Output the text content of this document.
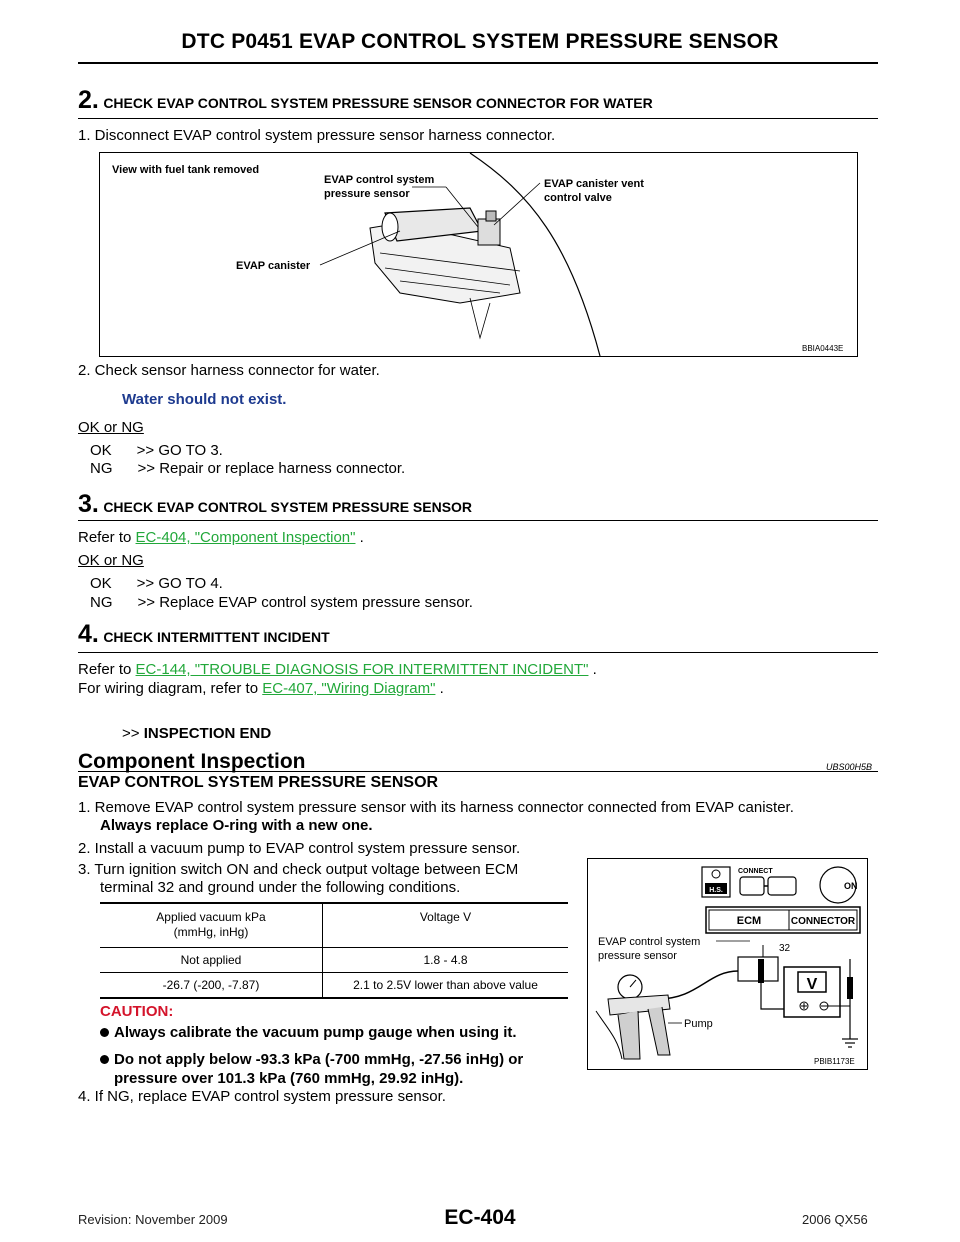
DTC P0451 EVAP CONTROL SYSTEM PRESSURE SENSOR
2. CHECK EVAP CONTROL SYSTEM PRESSURE SENSOR CONNECTOR FOR WATER
1. Disconnect EVAP control system pressure sensor harness connector.
View with fuel tank removed
EVAP control system
pressure sensor
EVAP canister vent
control valve
EVAP canister
BBIA0443E
2. Check sensor harness connector for water.
Water should not exist.
OK or NG
OK      >> GO TO 3.
NG      >> Repair or replace harness connector.
3. CHECK EVAP CONTROL SYSTEM PRESSURE SENSOR
Refer to EC-404, "Component Inspection" .
OK or NG
OK      >> GO TO 4.
NG      >> Replace EVAP control system pressure sensor.
4. CHECK INTERMITTENT INCIDENT
Refer to EC-144, "TROUBLE DIAGNOSIS FOR INTERMITTENT INCIDENT" .
For wiring diagram, refer to EC-407, "Wiring Diagram" .
>> INSPECTION END
Component Inspection	UBS00H5B
EVAP CONTROL SYSTEM PRESSURE SENSOR
1. Remove EVAP control system pressure sensor with its harness connector connected from EVAP canister.
Always replace O-ring with a new one.
2. Install a vacuum pump to EVAP control system pressure sensor.
3. Turn ignition switch ON and check output voltage between ECM
terminal 32 and ground under the following conditions.
Applied vacuum kPa
(mmHg, inHg)	Voltage V
Not applied	1.8 - 4.8
-26.7 (-200, -7.87)	2.1 to 2.5V lower than above value
CAUTION:
Always calibrate the vacuum pump gauge when using it.
Do not apply below -93.3 kPa (-700 mmHg, -27.56 inHg) or
pressure over 101.3 kPa (760 mmHg, 29.92 inHg).
4. If NG, replace EVAP control system pressure sensor.
H.S.
CONNECT
ON
ECM	CONNECTOR
EVAP control system
pressure sensor
32
V
Pump
PBIB1173E
EC-404
Revision: November 2009	2006 QX56
